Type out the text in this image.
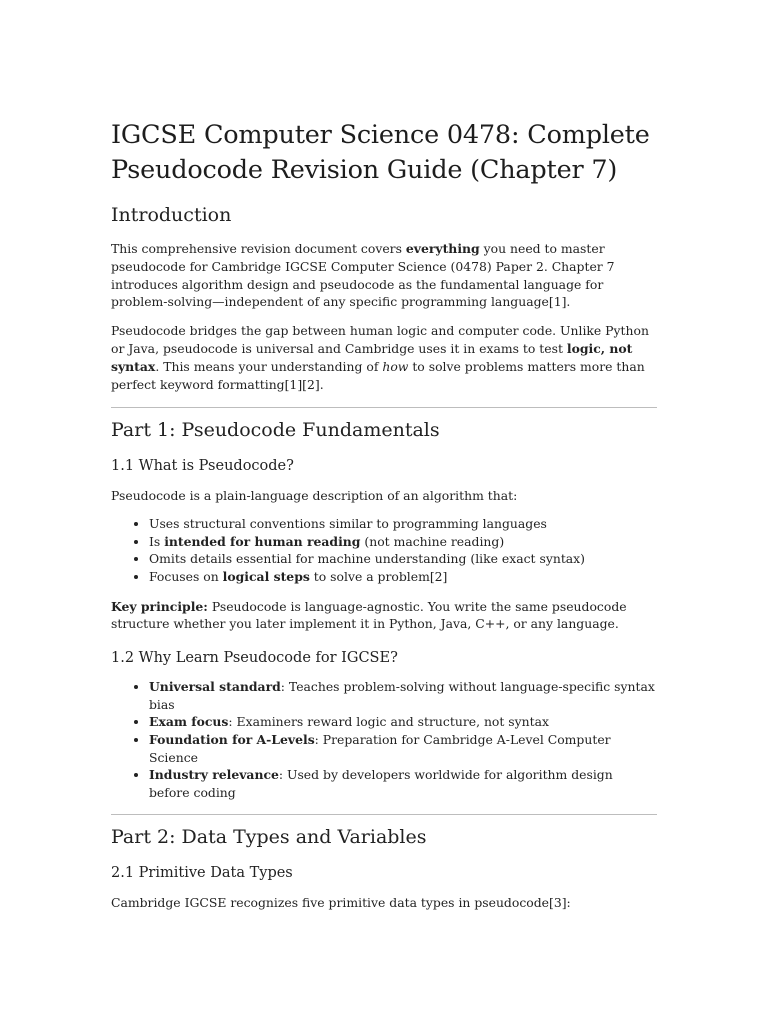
IGCSE Computer Science 0478: Complete Pseudocode Revision Guide (Chapter 7)
Introduction

This comprehensive revision document covers everything you need to master pseudocode for Cambridge IGCSE Computer Science (0478) Paper 2. Chapter 7 introduces algorithm design and pseudocode as the fundamental language for problem-solving—independent of any specific programming language[1].

Pseudocode bridges the gap between human logic and computer code. Unlike Python or Java, pseudocode is universal and Cambridge uses it in exams to test logic, not syntax. This means your understanding of how to solve problems matters more than perfect keyword formatting[1][2].

Part 1: Pseudocode Fundamentals
1.1 What is Pseudocode?

Pseudocode is a plain-language description of an algorithm that:

• Uses structural conventions similar to programming languages
• Is intended for human reading (not machine reading)
• Omits details essential for machine understanding (like exact syntax)
• Focuses on logical steps to solve a problem[2]

Key principle: Pseudocode is language-agnostic. You write the same pseudocode structure whether you later implement it in Python, Java, C++, or any language.

1.2 Why Learn Pseudocode for IGCSE?
• Universal standard: Teaches problem-solving without language-specific syntax bias
• Exam focus: Examiners reward logic and structure, not syntax
• Foundation for A-Levels: Preparation for Cambridge A-Level Computer Science
• Industry relevance: Used by developers worldwide for algorithm design before coding
Part 2: Data Types and Variables
2.1 Primitive Data Types

Cambridge IGCSE recognizes five primitive data types in pseudocode[3]:
